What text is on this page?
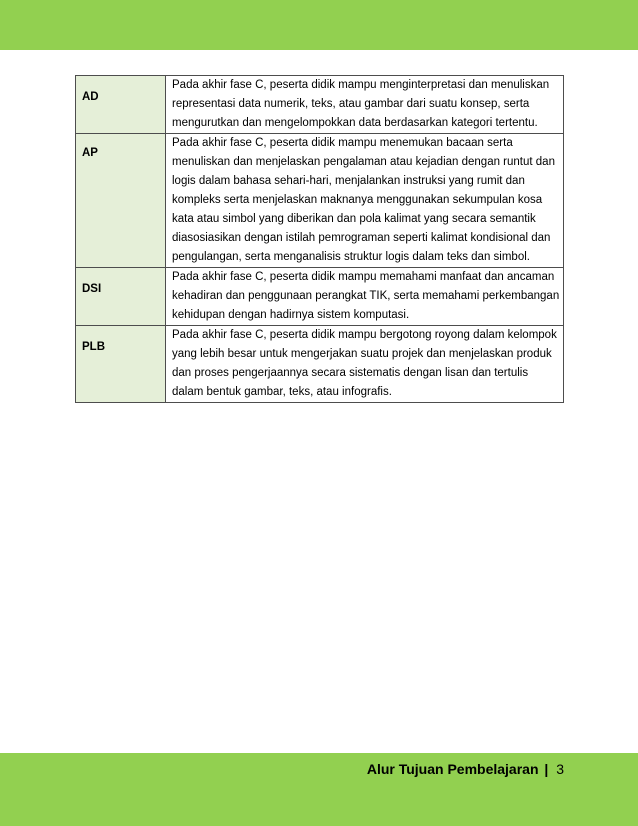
AD	Pada akhir fase C, peserta didik mampu menginterpretasi dan menuliskan representasi data numerik, teks, atau gambar dari suatu konsep, serta mengurutkan dan mengelompokkan data berdasarkan kategori tertentu.

AP	Pada akhir fase C, peserta didik mampu menemukan bacaan serta menuliskan dan menjelaskan pengalaman atau kejadian dengan runtut dan logis dalam bahasa sehari-hari, menjalankan instruksi yang rumit dan kompleks serta menjelaskan maknanya menggunakan sekumpulan kosa kata atau simbol yang diberikan dan pola kalimat yang secara semantik diasosiasikan dengan istilah pemrograman seperti kalimat kondisional dan pengulangan, serta menganalisis struktur logis dalam teks dan simbol.

DSI	Pada akhir fase C, peserta didik mampu memahami manfaat dan ancaman kehadiran dan penggunaan perangkat TIK, serta memahami perkembangan kehidupan dengan hadirnya sistem komputasi.

PLB	Pada akhir fase C, peserta didik mampu bergotong royong dalam kelompok yang lebih besar untuk mengerjakan suatu projek dan menjelaskan produk dan proses pengerjaannya secara sistematis dengan lisan dan tertulis dalam bentuk gambar, teks, atau infografis.
Alur Tujuan Pembelajaran | 3
